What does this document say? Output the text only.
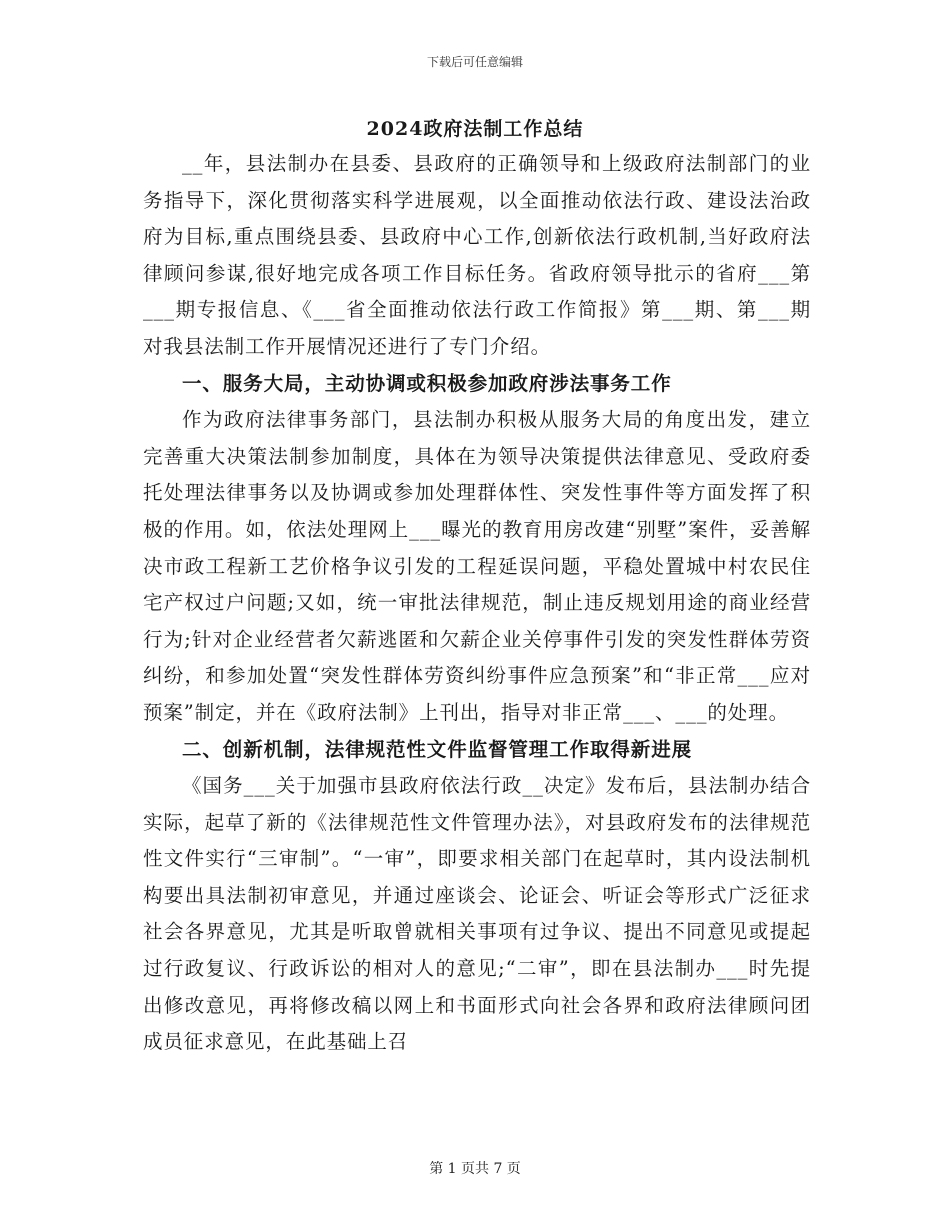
下载后可任意编辑
2024政府法制工作总结

__年，县法制办在县委、县政府的正确领导和上级政府法制部门的业务指导下，深化贯彻落实科学进展观，以全面推动依法行政、建设法治政府为目标,重点围绕县委、县政府中心工作,创新依法行政机制,当好政府法律顾问参谋,很好地完成各项工作目标任务。省政府领导批示的省府___第___期专报信息、《___省全面推动依法行政工作简报》第___期、第___期对我县法制工作开展情况还进行了专门介绍。

一、服务大局，主动协调或积极参加政府涉法事务工作

作为政府法律事务部门，县法制办积极从服务大局的角度出发，建立完善重大决策法制参加制度，具体在为领导决策提供法律意见、受政府委托处理法律事务以及协调或参加处理群体性、突发性事件等方面发挥了积极的作用。如，依法处理网上___曝光的教育用房改建“别墅”案件，妥善解决市政工程新工艺价格争议引发的工程延误问题，平稳处置城中村农民住宅产权过户问题;又如，统一审批法律规范，制止违反规划用途的商业经营行为;针对企业经营者欠薪逃匿和欠薪企业关停事件引发的突发性群体劳资纠纷，和参加处置“突发性群体劳资纠纷事件应急预案”和“非正常___应对预案”制定，并在《政府法制》上刊出，指导对非正常___、___的处理。

二、创新机制，法律规范性文件监督管理工作取得新进展

《国务___关于加强市县政府依法行政__决定》发布后，县法制办结合实际，起草了新的《法律规范性文件管理办法》，对县政府发布的法律规范性文件实行“三审制”。“一审”，即要求相关部门在起草时，其内设法制机构要出具法制初审意见，并通过座谈会、论证会、听证会等形式广泛征求社会各界意见，尤其是听取曾就相关事项有过争议、提出不同意见或提起过行政复议、行政诉讼的相对人的意见;“二审”，即在县法制办___时先提出修改意见，再将修改稿以网上和书面形式向社会各界和政府法律顾问团成员征求意见，在此基础上召

第 1 页共 7 页
